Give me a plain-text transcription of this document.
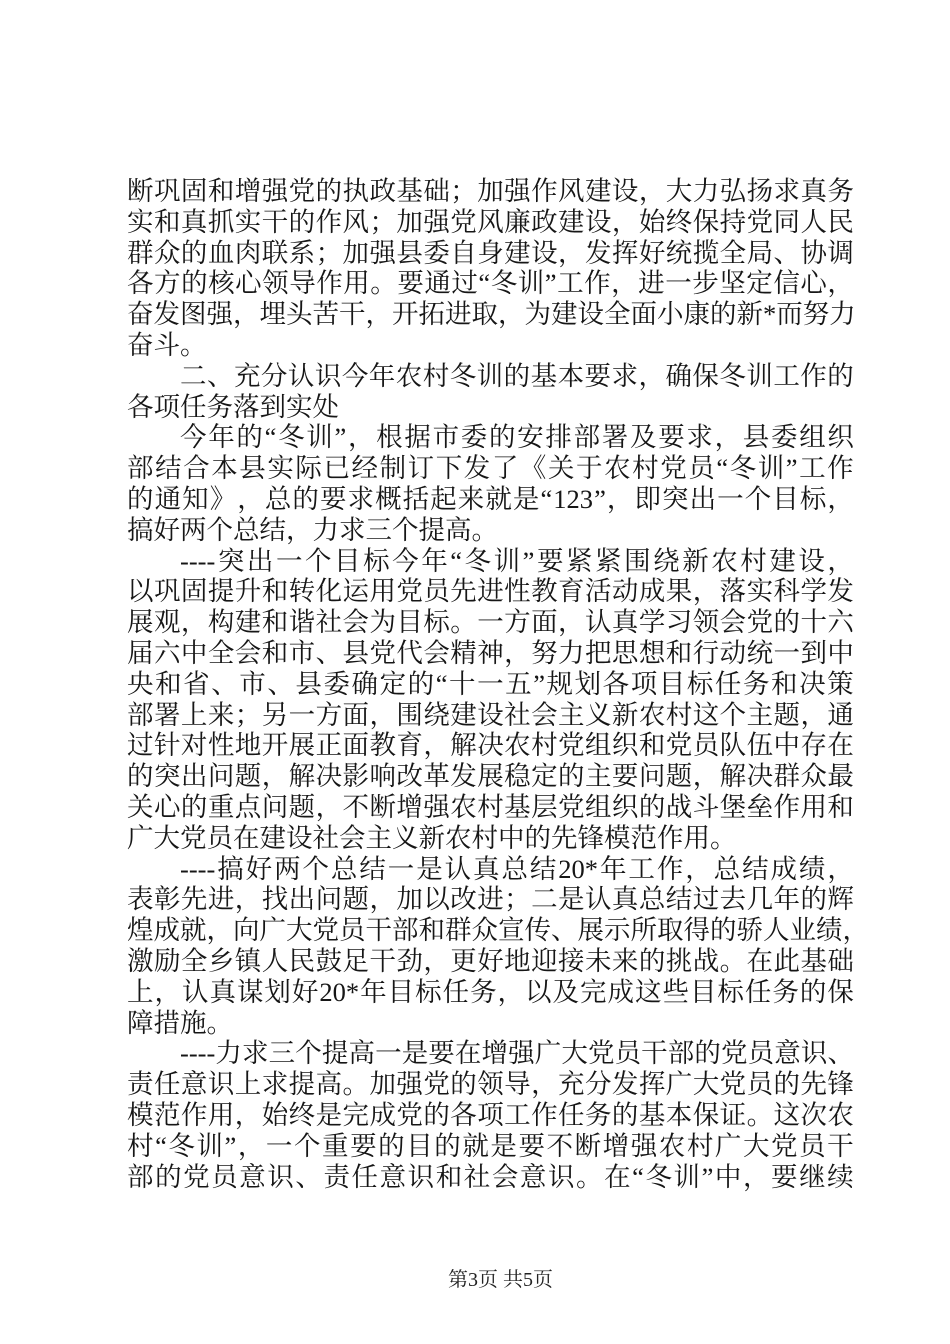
断 巩 固 和 增 强 党 的 执 政 基 础 ； 加 强 作 风 建 设 ， 大 力 弘 扬 求 真 务
实 和 真 抓 实 干 的 作 风 ； 加 强 党 风 廉 政 建 设 ， 始 终 保 持 党 同 人 民
群 众 的 血 肉 联 系 ； 加 强 县 委 自 身 建 设 ， 发 挥 好 统 揽 全 局 、 协 调
各 方 的 核 心 领 导 作 用 。 要 通 过 “ 冬 训 ” 工 作 ， 进 一 步 坚 定 信 心 ，
奋 发 图 强 ， 埋 头 苦 干 ， 开 拓 进 取 ， 为 建 设 全 面 小 康 的 新 * 而 努 力
奋斗。
二 、 充 分 认 识 今 年 农 村 冬 训 的 基 本 要 求 ， 确 保 冬 训 工 作 的
各项任务落到实处
今 年 的 “ 冬 训 ” ， 根 据 市 委 的 安 排 部 署 及 要 求 ， 县 委 组 织
部 结 合 本 县 实 际 已 经 制 订 下 发 了 《 关 于 农 村 党 员 “ 冬 训 ” 工 作
的 通 知 》 ， 总 的 要 求 概 括 起 来 就 是 “ 123 ” ， 即 突 出 一 个 目 标 ，
搞好两个总结，力求三个提高。
---- 突 出 一 个 目 标 今 年 “ 冬 训 ” 要 紧 紧 围 绕 新 农 村 建 设 ，
以 巩 固 提 升 和 转 化 运 用 党 员 先 进 性 教 育 活 动 成 果 ， 落 实 科 学 发
展 观 ， 构 建 和 谐 社 会 为 目 标 。 一 方 面 ， 认 真 学 习 领 会 党 的 十 六
届 六 中 全 会 和 市 、 县 党 代 会 精 神 ， 努 力 把 思 想 和 行 动 统 一 到 中
央 和 省 、 市 、 县 委 确 定 的 “ 十 一 五 ” 规 划 各 项 目 标 任 务 和 决 策
部 署 上 来 ； 另 一 方 面 ， 围 绕 建 设 社 会 主 义 新 农 村 这 个 主 题 ， 通
过 针 对 性 地 开 展 正 面 教 育 ， 解 决 农 村 党 组 织 和 党 员 队 伍 中 存 在
的 突 出 问 题 ， 解 决 影 响 改 革 发 展 稳 定 的 主 要 问 题 ， 解 决 群 众 最
关 心 的 重 点 问 题 ， 不 断 增 强 农 村 基 层 党 组 织 的 战 斗 堡 垒 作 用 和
广大党员在建设社会主义新农村中的先锋模范作用。
---- 搞 好 两 个 总 结 一 是 认 真 总 结 20* 年 工 作 ， 总 结 成 绩 ，
表 彰 先 进 ， 找 出 问 题 ， 加 以 改 进 ； 二 是 认 真 总 结 过 去 几 年 的 辉
煌 成 就 ， 向 广 大 党 员 干 部 和 群 众 宣 传 、 展 示 所 取 得 的 骄 人 业 绩 ，
激 励 全 乡 镇 人 民 鼓 足 干 劲 ， 更 好 地 迎 接 未 来 的 挑 战 。 在 此 基 础
上 ， 认 真 谋 划 好 20* 年 目 标 任 务 ， 以 及 完 成 这 些 目 标 任 务 的 保
障措施。
---- 力 求 三 个 提 高 一 是 要 在 增 强 广 大 党 员 干 部 的 党 员 意 识 、
责 任 意 识 上 求 提 高 。 加 强 党 的 领 导 ， 充 分 发 挥 广 大 党 员 的 先 锋
模 范 作 用 ， 始 终 是 完 成 党 的 各 项 工 作 任 务 的 基 本 保 证 。 这 次 农
村 “ 冬 训 ” ， 一 个 重 要 的 目 的 就 是 要 不 断 增 强 农 村 广 大 党 员 干
部 的 党 员 意 识 、 责 任 意 识 和 社 会 意 识 。 在 “ 冬 训 ” 中 ， 要 继 续

第3页 共5页
